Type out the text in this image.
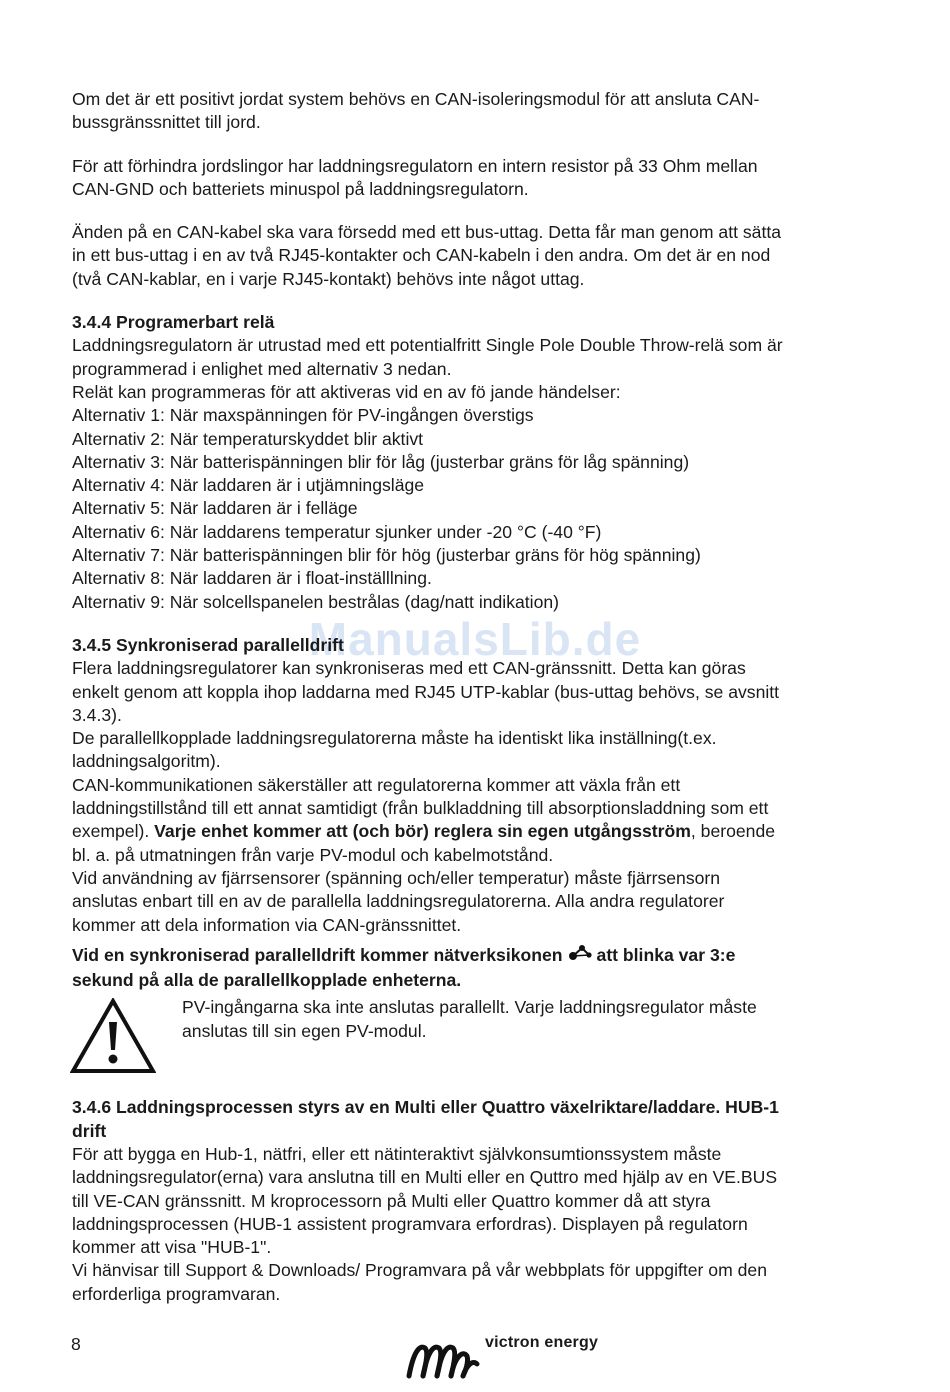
ManualsLib.de

Om det är ett positivt jordat system behövs en CAN-isoleringsmodul för att ansluta CAN-
bussgränssnittet till jord.

För att förhindra jordslingor har laddningsregulatorn en intern resistor på 33 Ohm mellan
CAN-GND och batteriets minuspol på laddningsregulatorn.

Änden på en CAN-kabel ska vara försedd med ett bus-uttag. Detta får man genom att sätta
in ett bus-uttag i en av två RJ45-kontakter och CAN-kabeln i den andra. Om det är en nod
(två CAN-kablar, en i varje RJ45-kontakt) behövs inte något uttag.

3.4.4 Programerbart relä
Laddningsregulatorn är utrustad med ett potentialfritt Single Pole Double Throw-relä som är
programmerad i enlighet med alternativ 3 nedan.
Relät kan programmeras för att aktiveras vid en av fö jande händelser:
Alternativ 1: När maxspänningen för PV-ingången överstigs
Alternativ 2: När temperaturskyddet blir aktivt
Alternativ 3: När batterispänningen blir för låg (justerbar gräns för låg spänning)
Alternativ 4: När laddaren är i utjämningsläge
Alternativ 5: När laddaren är i felläge
Alternativ 6: När laddarens temperatur sjunker under -20 °C (-40 °F)
Alternativ 7: När batterispänningen blir för hög (justerbar gräns för hög spänning)
Alternativ 8: När laddaren är i float-inställlning.
Alternativ 9: När solcellspanelen bestrålas (dag/natt indikation)
3.4.5 Synkroniserad parallelldrift
Flera laddningsregulatorer kan synkroniseras med ett CAN-gränssnitt. Detta kan göras
enkelt genom att koppla ihop laddarna med RJ45 UTP-kablar (bus-uttag behövs, se avsnitt
3.4.3).
De parallellkopplade laddningsregulatorerna måste ha identiskt lika inställning(t.ex.
laddningsalgoritm).
CAN-kommunikationen säkerställer att regulatorerna kommer att växla från ett
laddningstillstånd till ett annat samtidigt (från bulkladdning till absorptionsladdning som ett
exempel). Varje enhet kommer att (och bör) reglera sin egen utgångsström, beroende
bl. a. på utmatningen från varje PV-modul och kabelmotstånd.
Vid användning av fjärrsensorer (spänning och/eller temperatur) måste fjärrsensorn
anslutas enbart till en av de parallella laddningsregulatorerna. Alla andra regulatorer
kommer att dela information via CAN-gränssnittet.
Vid en synkroniserad parallelldrift kommer nätverksikonen att blinka var 3:e
sekund på alla de parallellkopplade enheterna.
PV-ingångarna ska inte anslutas parallellt. Varje laddningsregulator måste
anslutas till sin egen PV-modul.
3.4.6 Laddningsprocessen styrs av en Multi eller Quattro växelriktare/laddare. HUB-1
drift
För att bygga en Hub-1, nätfri, eller ett nätinteraktivt självkonsumtionssystem måste
laddningsregulator(erna) vara anslutna till en Multi eller en Quttro med hjälp av en VE.BUS
till VE-CAN gränssnitt. M kroprocessorn på Multi eller Quattro kommer då att styra
laddningsprocessen (HUB-1 assistent programvara erfordras). Displayen på regulatorn
kommer att visa "HUB-1".
Vi hänvisar till Support & Downloads/ Programvara på vår webbplats för uppgifter om den
erforderliga programvaran.
8	victron energy
